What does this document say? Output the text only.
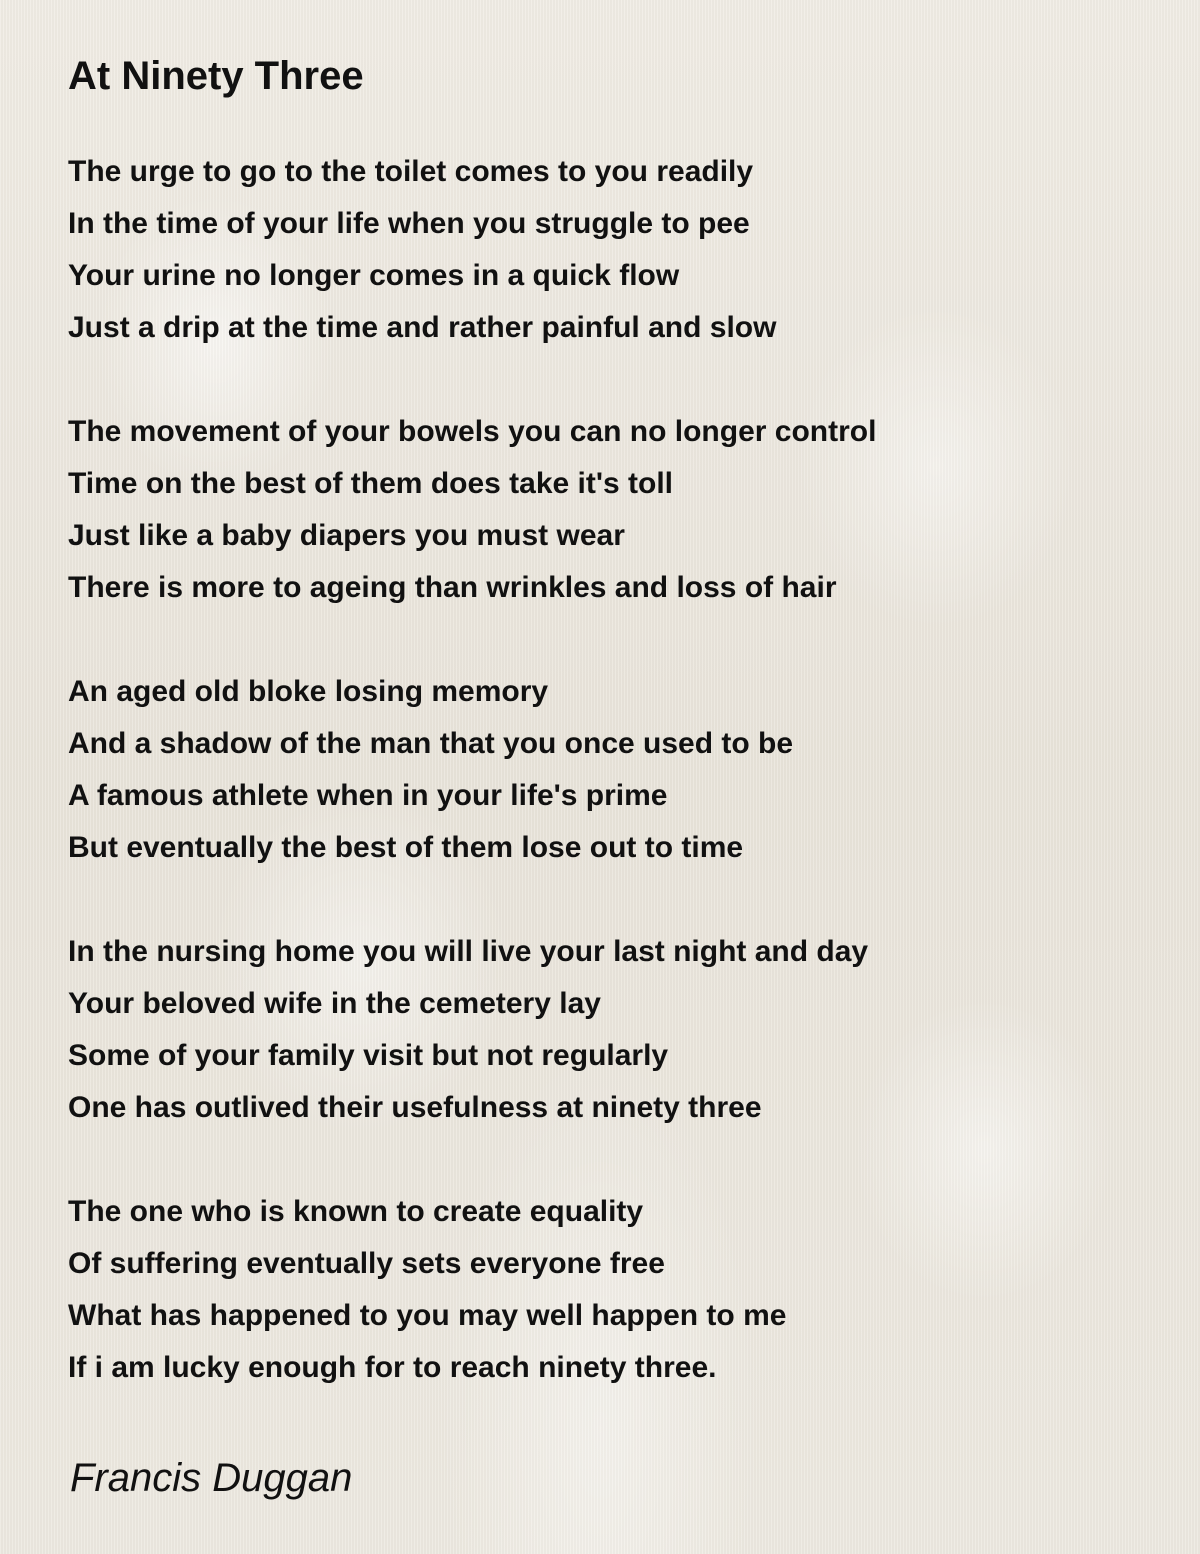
At Ninety Three
The urge to go to the toilet comes to you readily
In the time of your life when you struggle to pee
Your urine no longer comes in a quick flow
Just a drip at the time and rather painful and slow
The movement of your bowels you can no longer control
Time on the best of them does take it's toll
Just like a baby diapers you must wear
There is more to ageing than wrinkles and loss of hair
An aged old bloke losing memory
And a shadow of the man that you once used to be
A famous athlete when in your life's prime
But eventually the best of them lose out to time
In the nursing home you will live your last night and day
Your beloved wife in the cemetery lay
Some of your family visit but not regularly
One has outlived their usefulness at ninety three
The one who is known to create equality
Of suffering eventually sets everyone free
What has happened to you may well happen to me
If i am lucky enough for to reach ninety three.
Francis Duggan
